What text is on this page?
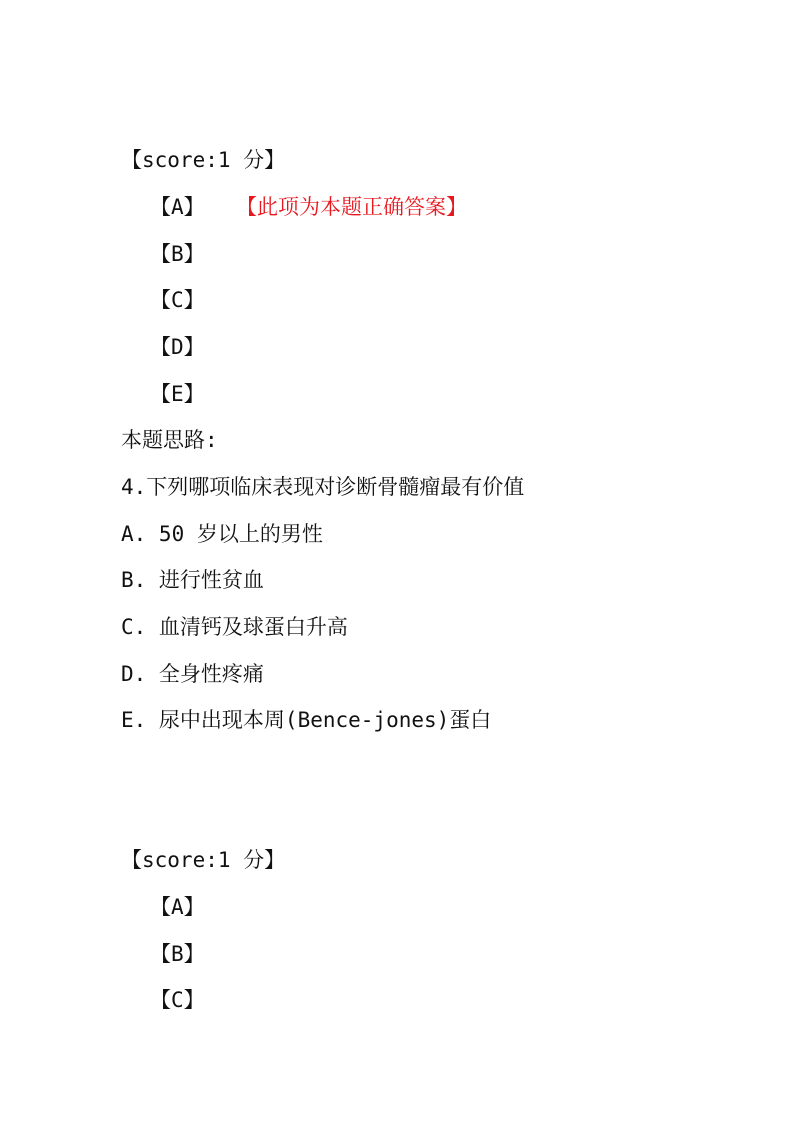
【score:1 分】
【A】 【此项为本题正确答案】
【B】
【C】
【D】
【E】
本题思路:
4.下列哪项临床表现对诊断骨髓瘤最有价值
A. 50 岁以上的男性
B. 进行性贫血
C. 血清钙及球蛋白升高
D. 全身性疼痛
E. 尿中出现本周(Bence-jones)蛋白
【score:1 分】
【A】
【B】
【C】
